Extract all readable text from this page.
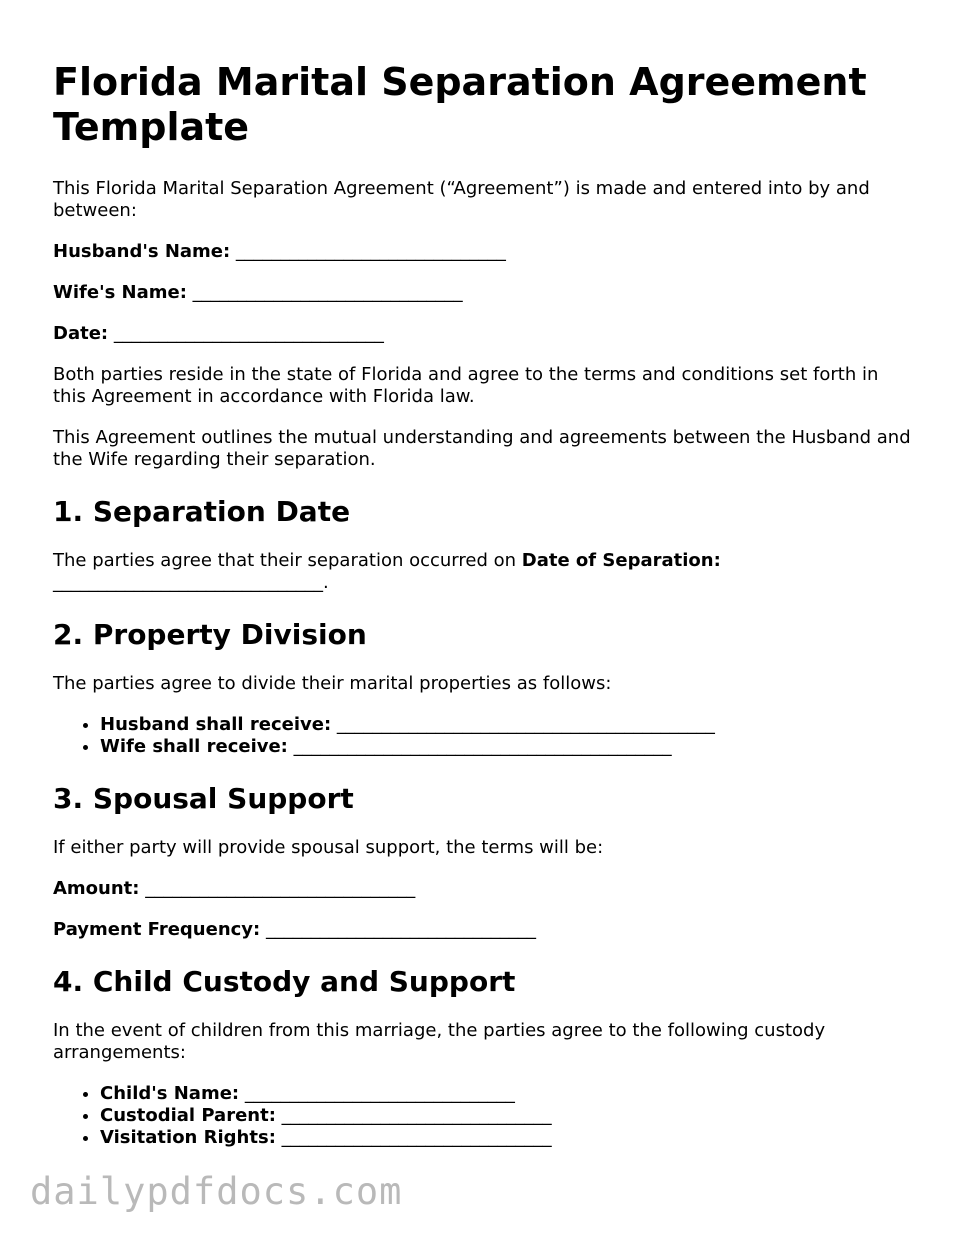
Florida Marital Separation Agreement Template

This Florida Marital Separation Agreement (“Agreement”) is made and entered into by and between:

Husband's Name: ______________________________

Wife's Name: ______________________________

Date: ______________________________

Both parties reside in the state of Florida and agree to the terms and conditions set forth in this Agreement in accordance with Florida law.

This Agreement outlines the mutual understanding and agreements between the Husband and the Wife regarding their separation.

1. Separation Date

The parties agree that their separation occurred on Date of Separation: ______________________________.

2. Property Division

The parties agree to divide their marital properties as follows:

• Husband shall receive: __________________________________________
• Wife shall receive: __________________________________________
3. Spousal Support

If either party will provide spousal support, the terms will be:

Amount: ______________________________

Payment Frequency: ______________________________

4. Child Custody and Support

In the event of children from this marriage, the parties agree to the following custody arrangements:

• Child's Name: ______________________________
• Custodial Parent: ______________________________
• Visitation Rights: ______________________________
dailypdfdocs.com
